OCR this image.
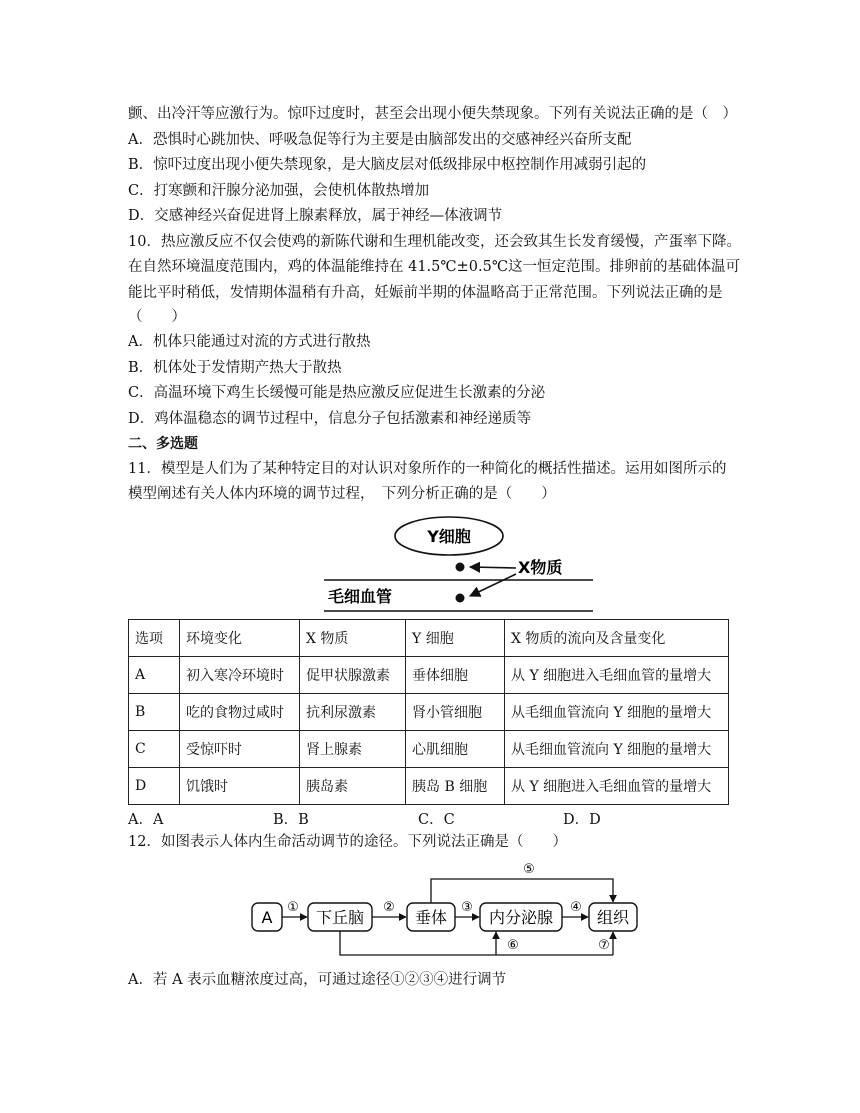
颤、出冷汗等应激行为。惊吓过度时，甚至会出现小便失禁现象。下列有关说法正确的是（　）
A．恐惧时心跳加快、呼吸急促等行为主要是由脑部发出的交感神经兴奋所支配
B．惊吓过度出现小便失禁现象，是大脑皮层对低级排尿中枢控制作用减弱引起的
C．打寒颤和汗腺分泌加强，会使机体散热增加
D．交感神经兴奋促进肾上腺素释放，属于神经—体液调节
10．热应激反应不仅会使鸡的新陈代谢和生理机能改变，还会致其生长发育缓慢，产蛋率下降。
在自然环境温度范围内，鸡的体温能维持在 41.5℃±0.5℃这一恒定范围。排卵前的基础体温可
能比平时稍低，发情期体温稍有升高，妊娠前半期的体温略高于正常范围。下列说法正确的是
（　　）
A．机体只能通过对流的方式进行散热
B．机体处于发情期产热大于散热
C．高温环境下鸡生长缓慢可能是热应激反应促进生长激素的分泌
D．鸡体温稳态的调节过程中，信息分子包括激素和神经递质等
二、多选题
11．模型是人们为了某种特定目的对认识对象所作的一种简化的概括性描述。运用如图所示的
模型阐述有关人体内环境的调节过程，　下列分析正确的是（　　）
Y细胞
X物质
毛细血管
选项	环境变化	X 物质	Y 细胞	X 物质的流向及含量变化
A	初入寒冷环境时	促甲状腺激素	垂体细胞	从 Y 细胞进入毛细血管的量增大
B	吃的食物过咸时	抗利尿激素	肾小管细胞	从毛细血管流向 Y 细胞的量增大
C	受惊吓时	肾上腺素	心肌细胞	从毛细血管流向 Y 细胞的量增大
D	饥饿时	胰岛素	胰岛 B 细胞	从 Y 细胞进入毛细血管的量增大
A．A	B．B	C．C	D．D
12．如图表示人体内生命活动调节的途径。下列说法正确是（　　）
A	下丘脑	垂体	内分泌腺	组织
①	②	③	④
⑤
⑥	⑦
A．若 A 表示血糖浓度过高，可通过途径①②③④进行调节
